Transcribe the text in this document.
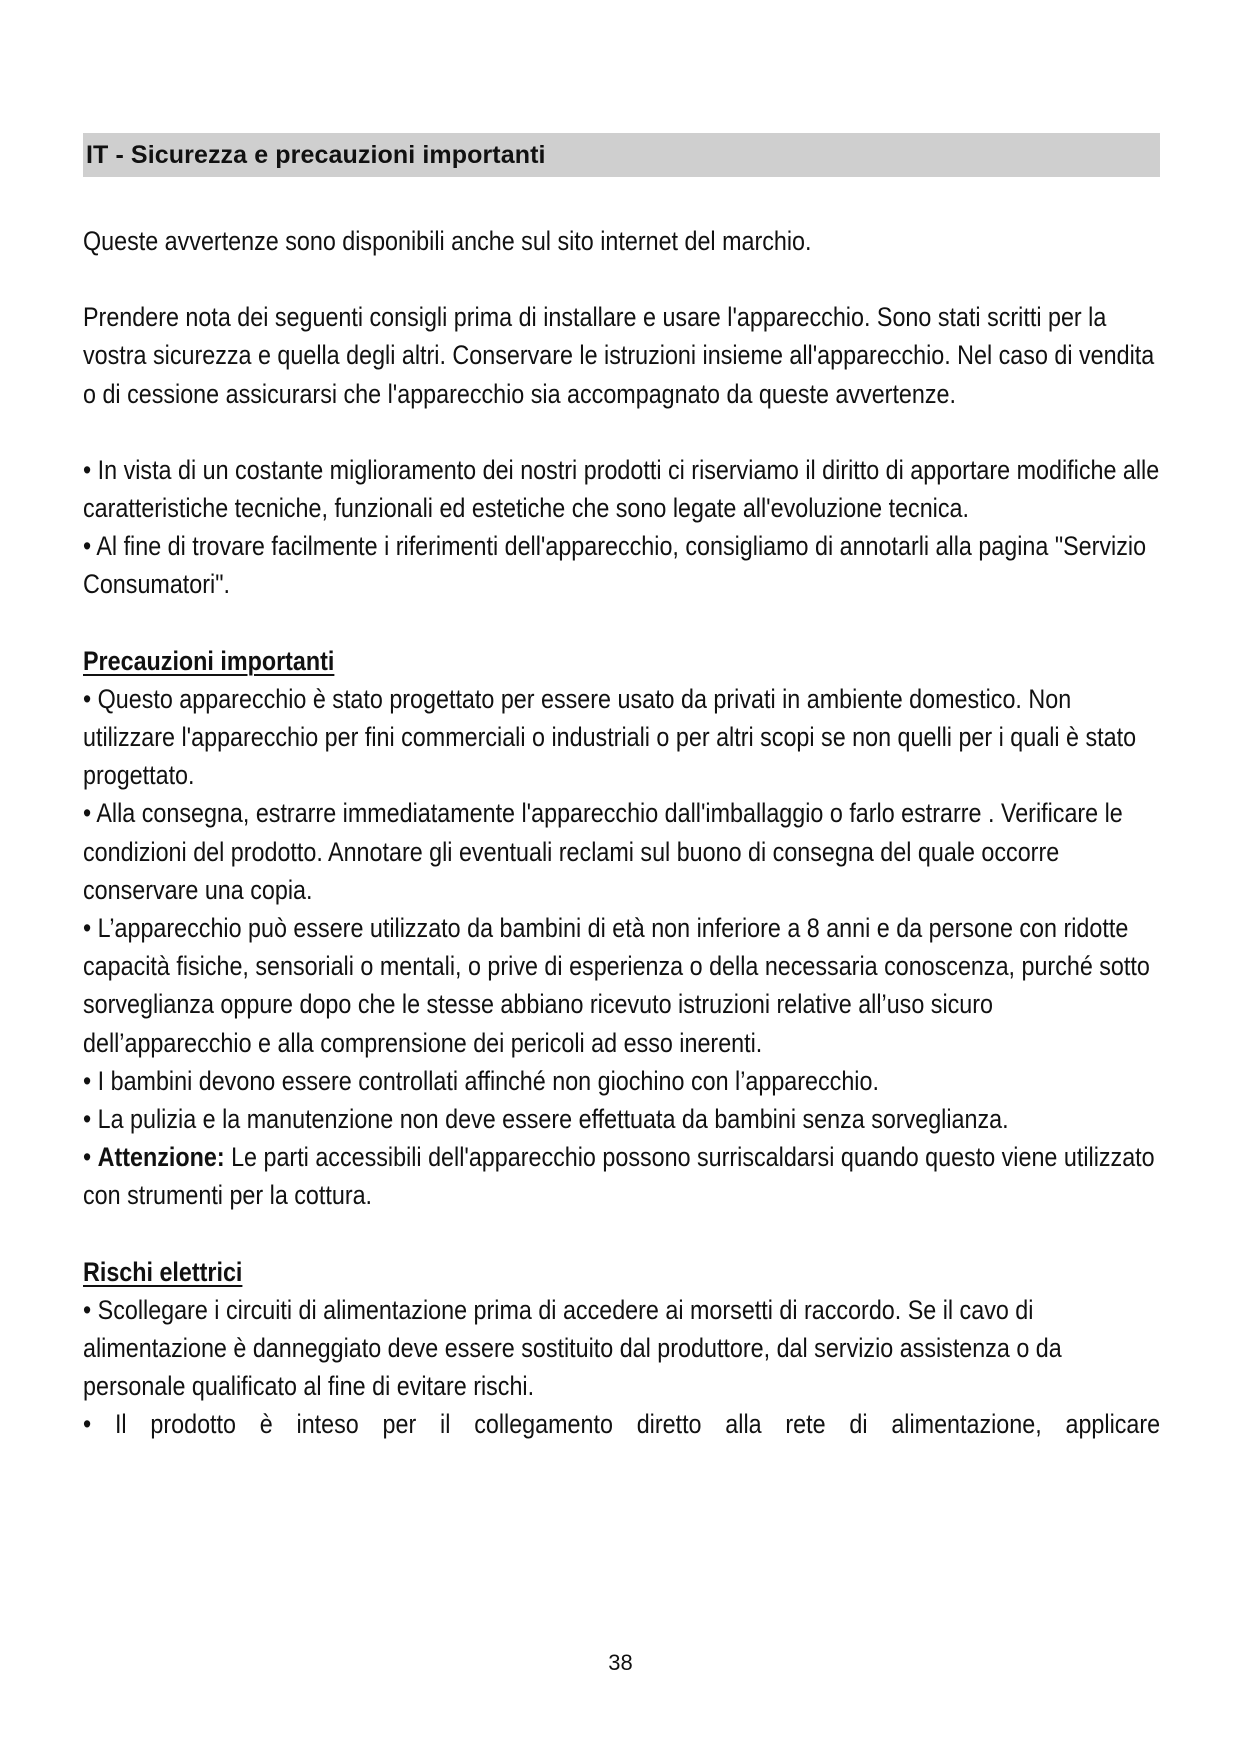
IT - Sicurezza e precauzioni importanti

Queste avvertenze sono disponibili anche sul sito internet del marchio.

Prendere nota dei seguenti consigli prima di installare e usare l'apparecchio. Sono stati scritti per la vostra sicurezza e quella degli altri. Conservare le istruzioni insieme all'apparecchio. Nel caso di vendita o di cessione assicurarsi che l'apparecchio sia accompagnato da queste avvertenze.

• In vista di un costante miglioramento dei nostri prodotti ci riserviamo il diritto di apportare modifiche alle caratteristiche tecniche, funzionali ed estetiche che sono legate all'evoluzione tecnica.

• Al fine di trovare facilmente i riferimenti dell'apparecchio, consigliamo di annotarli alla pagina "Servizio Consumatori".

Precauzioni importanti

• Questo apparecchio è stato progettato per essere usato da privati in ambiente domestico. Non utilizzare l'apparecchio per fini commerciali o industriali o per altri scopi se non quelli per i quali è stato progettato.

• Alla consegna, estrarre immediatamente l'apparecchio dall'imballaggio o farlo estrarre . Verificare le condizioni del prodotto. Annotare gli eventuali reclami sul buono di consegna del quale occorre conservare una copia.

• L’apparecchio può essere utilizzato da bambini di età non inferiore a 8 anni e da persone con ridotte capacità fisiche, sensoriali o mentali, o prive di esperienza o della necessaria conoscenza, purché sotto sorveglianza oppure dopo che le stesse abbiano ricevuto istruzioni relative all’uso sicuro dell’apparecchio e alla comprensione dei pericoli ad esso inerenti.

• I bambini devono essere controllati affinché non giochino con l’apparecchio.

• La pulizia e la manutenzione non deve essere effettuata da bambini senza sorveglianza.

• Attenzione: Le parti accessibili dell'apparecchio possono surriscaldarsi quando questo viene utilizzato con strumenti per la cottura.

Rischi elettrici

• Scollegare i circuiti di alimentazione prima di accedere ai morsetti di raccordo. Se il cavo di alimentazione è danneggiato deve essere sostituito dal produttore, dal servizio assistenza o da personale qualificato al fine di evitare rischi.

• Il prodotto è inteso per il collegamento diretto alla rete di alimentazione, applicare

38
